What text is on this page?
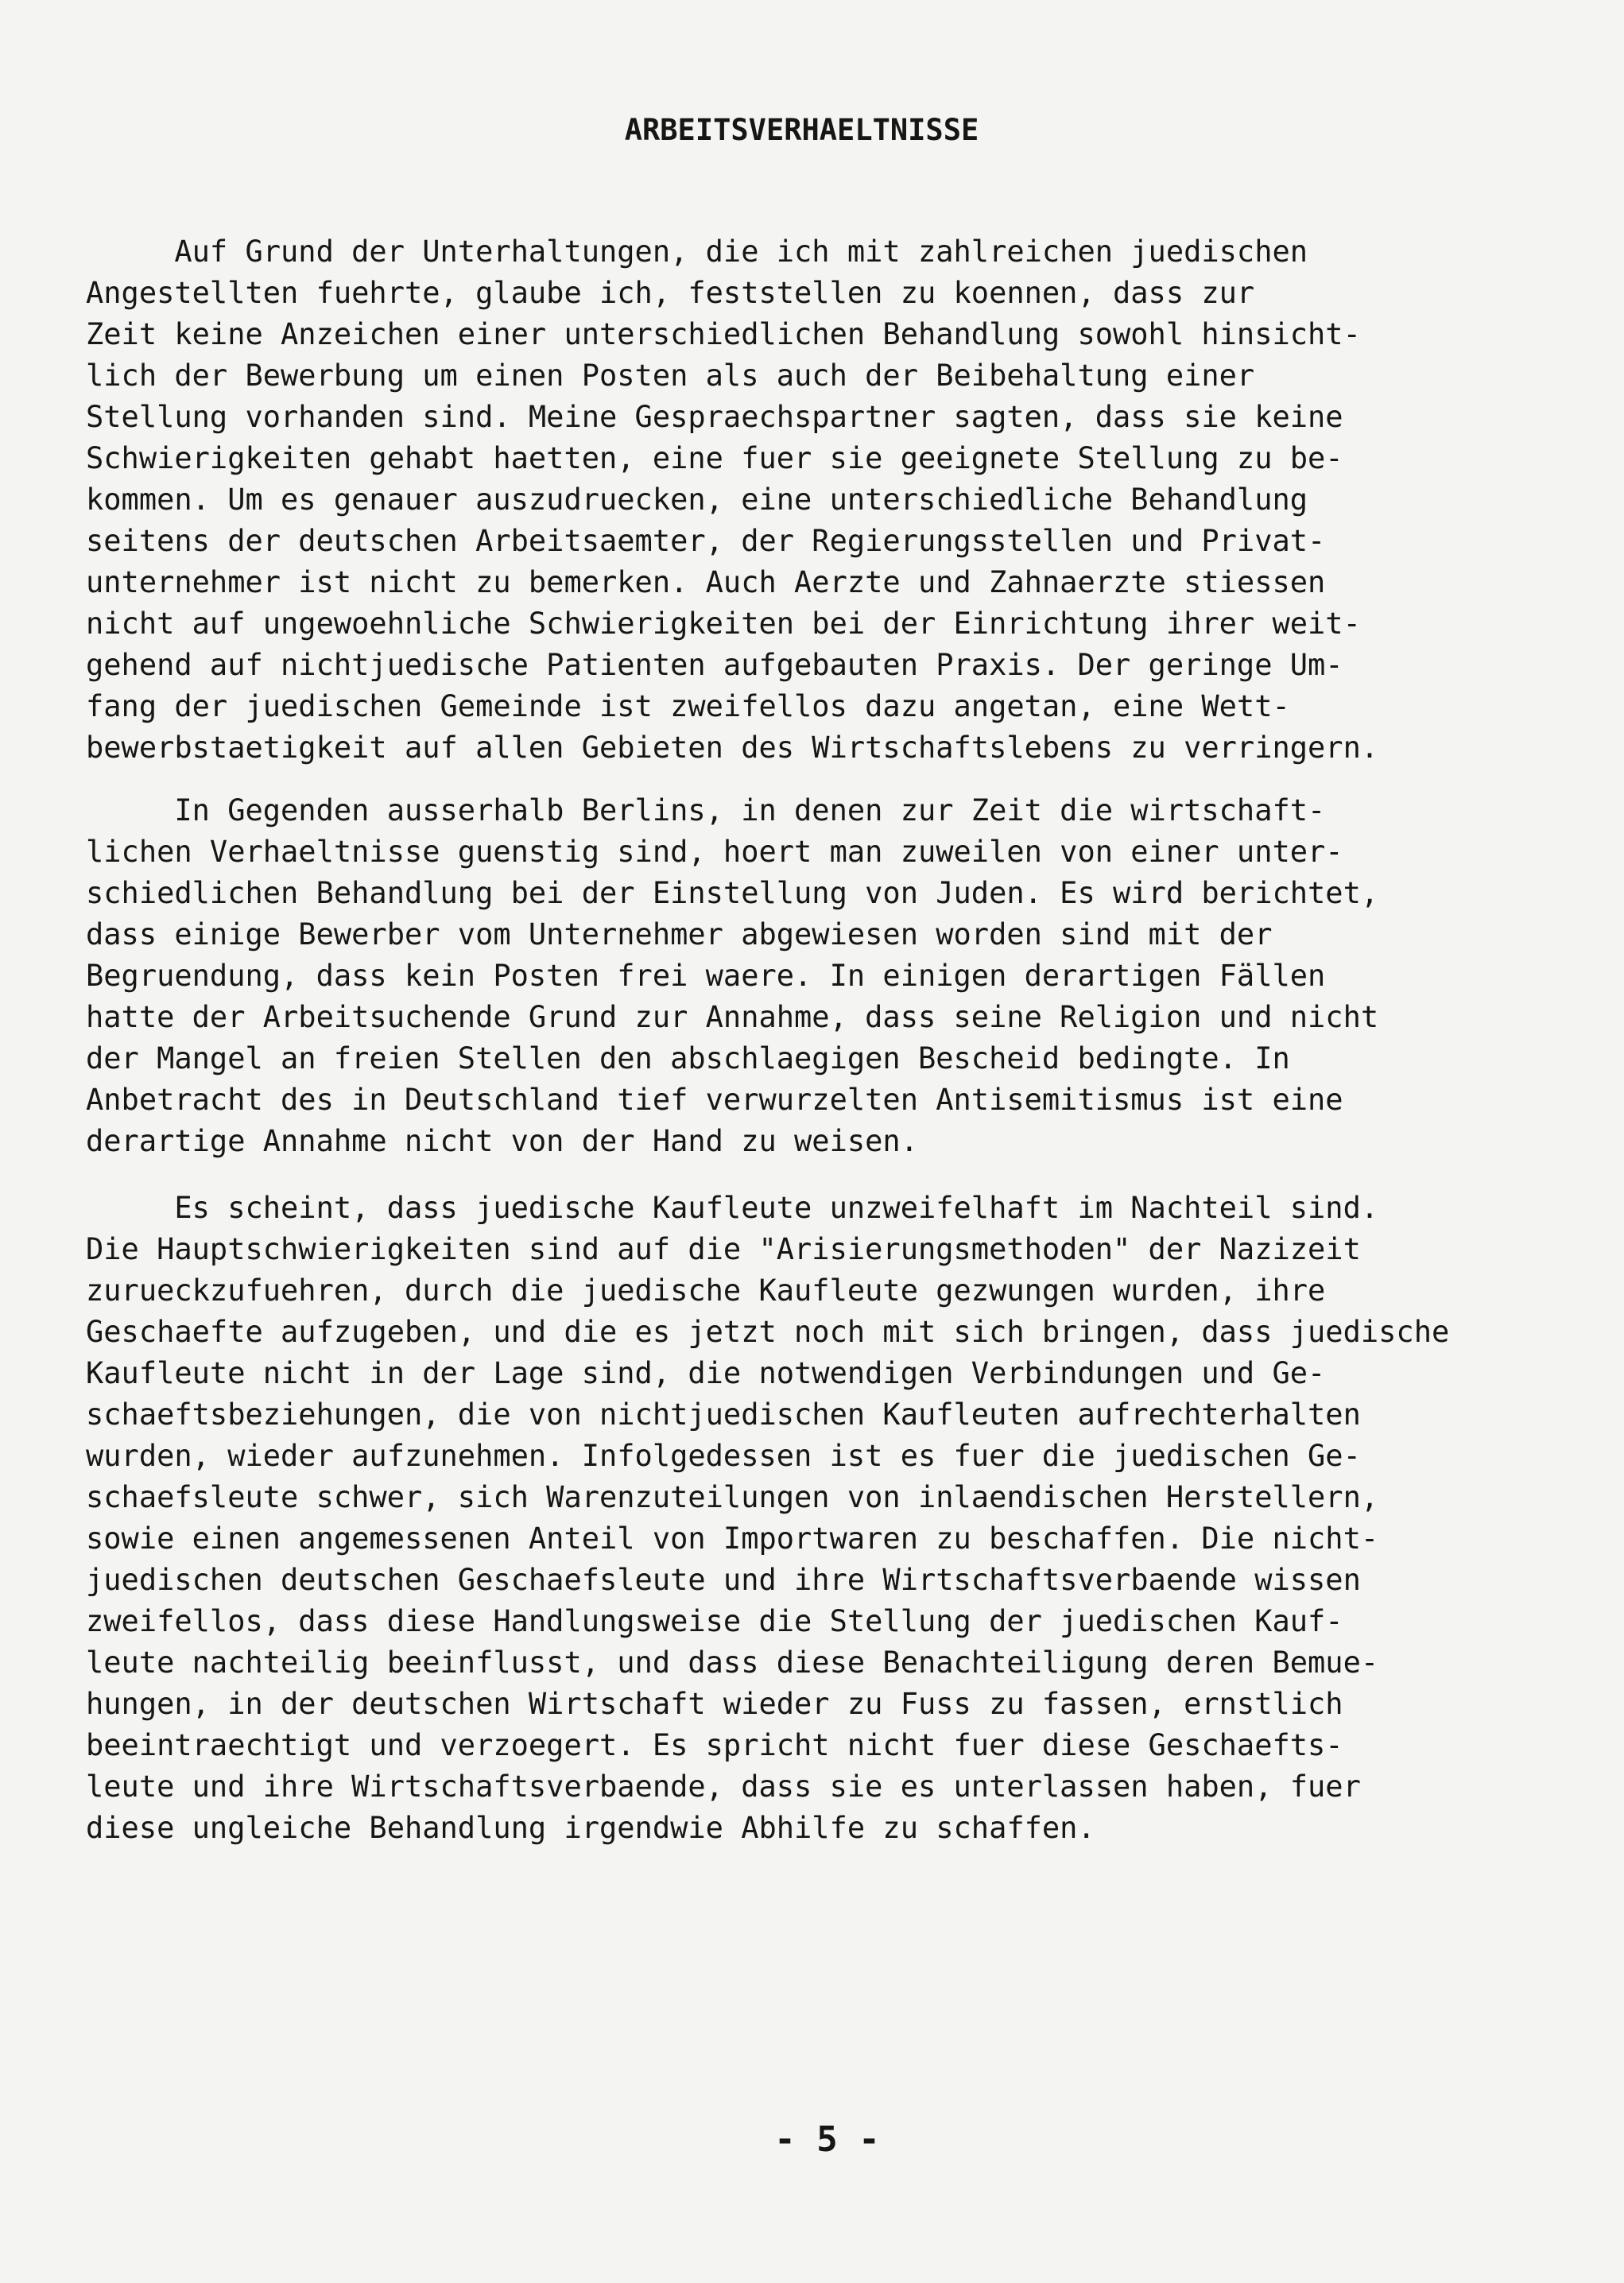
ARBEITSVERHAELTNISSE
Auf Grund der Unterhaltungen, die ich mit zahlreichen juedischen
Angestellten fuehrte, glaube ich, feststellen zu koennen, dass zur
Zeit keine Anzeichen einer unterschiedlichen Behandlung sowohl hinsicht-
lich der Bewerbung um einen Posten als auch der Beibehaltung einer
Stellung vorhanden sind. Meine Gespraechspartner sagten, dass sie keine
Schwierigkeiten gehabt haetten, eine fuer sie geeignete Stellung zu be-
kommen. Um es genauer auszudruecken, eine unterschiedliche Behandlung
seitens der deutschen Arbeitsaemter, der Regierungsstellen und Privat-
unternehmer ist nicht zu bemerken. Auch Aerzte und Zahnaerzte stiessen
nicht auf ungewoehnliche Schwierigkeiten bei der Einrichtung ihrer weit-
gehend auf nichtjuedische Patienten aufgebauten Praxis. Der geringe Um-
fang der juedischen Gemeinde ist zweifellos dazu angetan, eine Wett-
bewerbstaetigkeit auf allen Gebieten des Wirtschaftslebens zu verringern.
In Gegenden ausserhalb Berlins, in denen zur Zeit die wirtschaft-
lichen Verhaeltnisse guenstig sind, hoert man zuweilen von einer unter-
schiedlichen Behandlung bei der Einstellung von Juden. Es wird berichtet,
dass einige Bewerber vom Unternehmer abgewiesen worden sind mit der
Begruendung, dass kein Posten frei waere. In einigen derartigen Fällen
hatte der Arbeitsuchende Grund zur Annahme, dass seine Religion und nicht
der Mangel an freien Stellen den abschlaegigen Bescheid bedingte. In
Anbetracht des in Deutschland tief verwurzelten Antisemitismus ist eine
derartige Annahme nicht von der Hand zu weisen.
Es scheint, dass juedische Kaufleute unzweifelhaft im Nachteil sind.
Die Hauptschwierigkeiten sind auf die "Arisierungsmethoden" der Nazizeit
zurueckzufuehren, durch die juedische Kaufleute gezwungen wurden, ihre
Geschaefte aufzugeben, und die es jetzt noch mit sich bringen, dass juedische
Kaufleute nicht in der Lage sind, die notwendigen Verbindungen und Ge-
schaeftsbeziehungen, die von nichtjuedischen Kaufleuten aufrechterhalten
wurden, wieder aufzunehmen. Infolgedessen ist es fuer die juedischen Ge-
schaefsleute schwer, sich Warenzuteilungen von inlaendischen Herstellern,
sowie einen angemessenen Anteil von Importwaren zu beschaffen. Die nicht-
juedischen deutschen Geschaefsleute und ihre Wirtschaftsverbaende wissen
zweifellos, dass diese Handlungsweise die Stellung der juedischen Kauf-
leute nachteilig beeinflusst, und dass diese Benachteiligung deren Bemue-
hungen, in der deutschen Wirtschaft wieder zu Fuss zu fassen, ernstlich
beeintraechtigt und verzoegert. Es spricht nicht fuer diese Geschaefts-
leute und ihre Wirtschaftsverbaende, dass sie es unterlassen haben, fuer
diese ungleiche Behandlung irgendwie Abhilfe zu schaffen.
- 5 -
